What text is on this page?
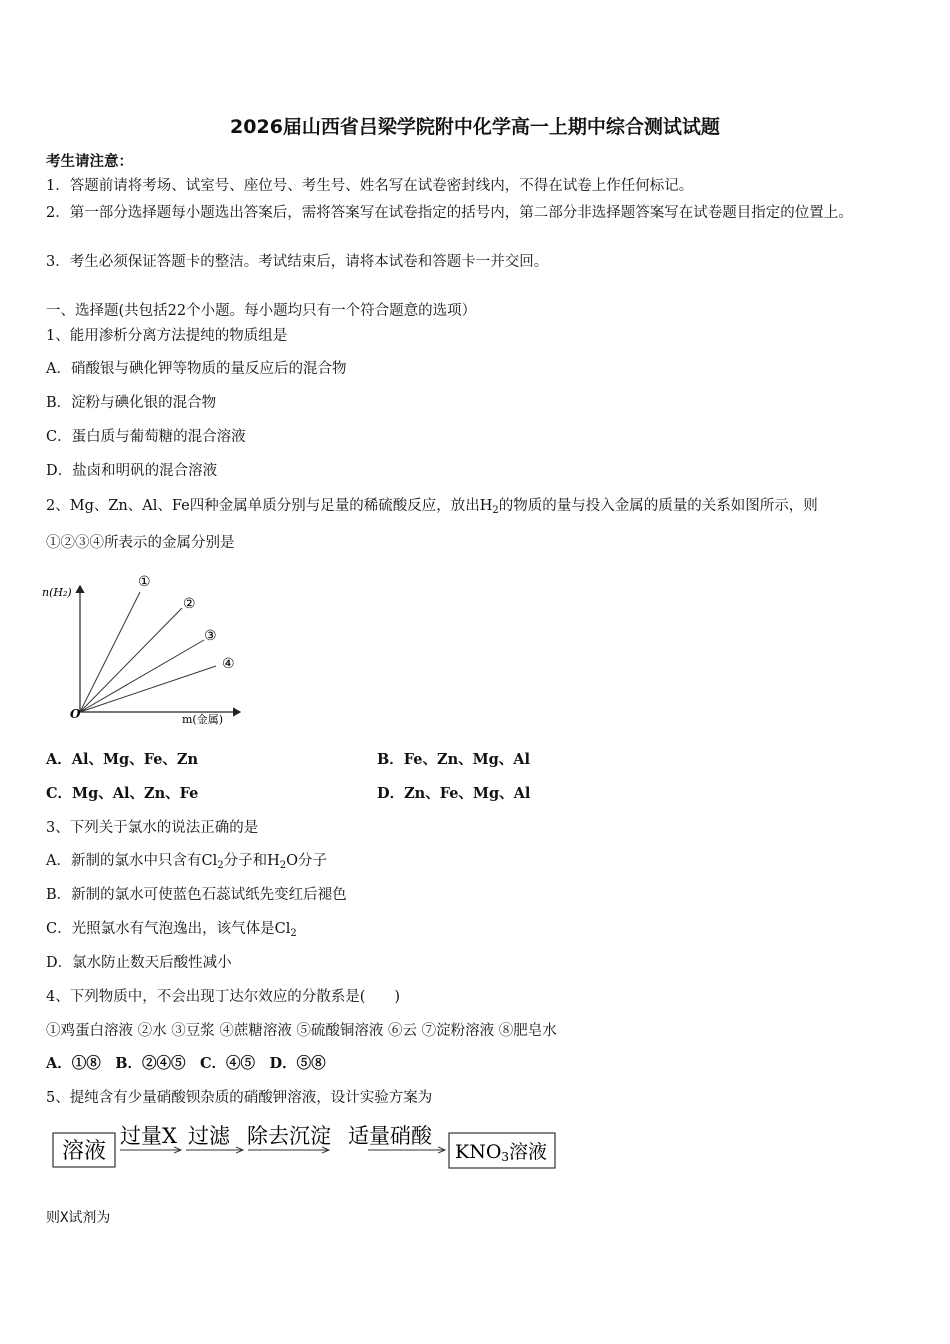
2026届山西省吕梁学院附中化学高一上期中综合测试试题
考生请注意：
1．答题前请将考场、试室号、座位号、考生号、姓名写在试卷密封线内，不得在试卷上作任何标记。
2．第一部分选择题每小题选出答案后，需将答案写在试卷指定的括号内，第二部分非选择题答案写在试卷题目指定的位置上。
3．考生必须保证答题卡的整洁。考试结束后，请将本试卷和答题卡一并交回。
一、选择题(共包括22个小题。每小题均只有一个符合题意的选项）
1、能用渗析分离方法提纯的物质组是
A．硝酸银与碘化钾等物质的量反应后的混合物
B．淀粉与碘化银的混合物
C．蛋白质与葡萄糖的混合溶液
D．盐卤和明矾的混合溶液
2、Mg、Zn、Al、Fe四种金属单质分别与足量的稀硫酸反应，放出$H_2$的物质的量与投入金属的质量的关系如图所示，则
①②③④所表示的金属分别是
n(H₂)
m(金属)
O
①
②
③
④
A．Al、Mg、Fe、Zn	B．Fe、Zn、Mg、Al
C．Mg、Al、Zn、Fe	D．Zn、Fe、Mg、Al
3、下列关于氯水的说法正确的是
A．新制的氯水中只含有$Cl_2$分子和$H_2O$分子
B．新制的氯水可使蓝色石蕊试纸先变红后褪色
C．光照氯水有气泡逸出，该气体是$Cl_2$
D．氯水防止数天后酸性减小
4、下列物质中，不会出现丁达尔效应的分散系是(　　)
①鸡蛋白溶液 ②水 ③豆浆 ④蔗糖溶液 ⑤硫酸铜溶液 ⑥云 ⑦淀粉溶液 ⑧肥皂水
A．①⑧　B．②④⑤　C．④⑤　D．⑤⑧
5、提纯含有少量硝酸钡杂质的硝酸钾溶液，设计实验方案为
溶液
过量X 过滤 除去沉淀 适量硝酸
KNO3溶液
则X试剂为
